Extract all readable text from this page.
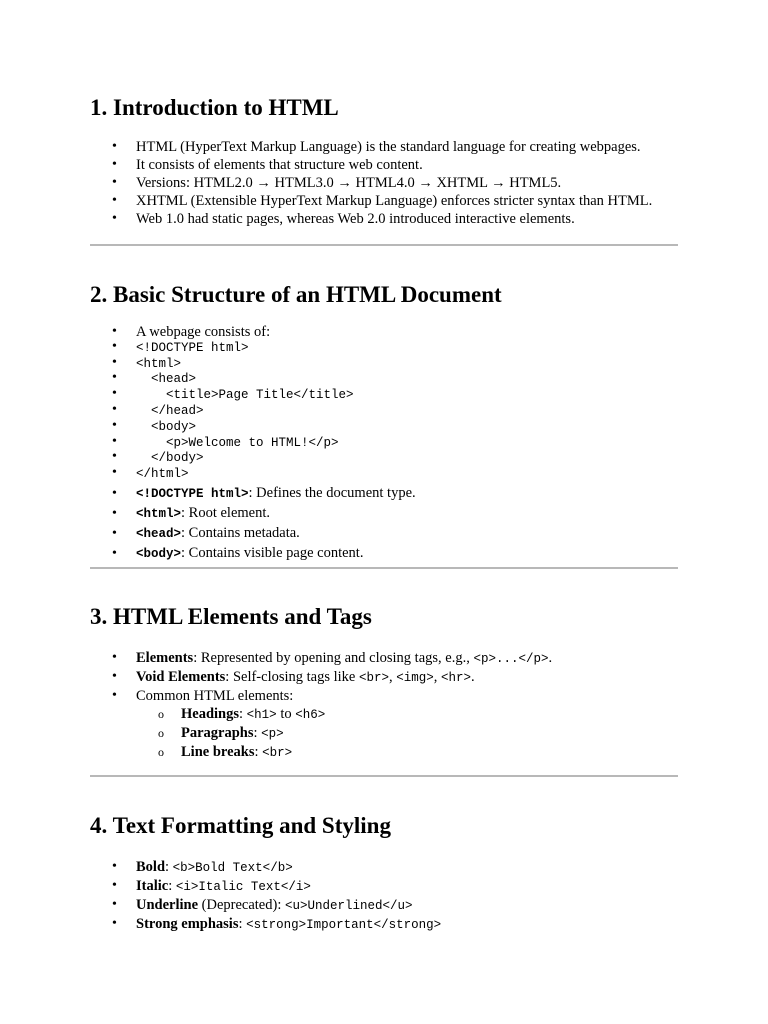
1. Introduction to HTML
• HTML (HyperText Markup Language) is the standard language for creating webpages.
• It consists of elements that structure web content.
• Versions: HTML2.0 → HTML3.0 → HTML4.0 → XHTML → HTML5.
• XHTML (Extensible HyperText Markup Language) enforces stricter syntax than HTML.
• Web 1.0 had static pages, whereas Web 2.0 introduced interactive elements.
2. Basic Structure of an HTML Document
• A webpage consists of:
• <!DOCTYPE html>
• <html>
•   <head>
•     <title>Page Title</title>
•   </head>
•   <body>
•     <p>Welcome to HTML!</p>
•   </body>
• </html>
• <!DOCTYPE html>: Defines the document type.
• <html>: Root element.
• <head>: Contains metadata.
• <body>: Contains visible page content.
3. HTML Elements and Tags
• Elements: Represented by opening and closing tags, e.g., <p>...</p>.
• Void Elements: Self-closing tags like <br>, <img>, <hr>.
• Common HTML elements:
o Headings: <h1> to <h6>
o Paragraphs: <p>
o Line breaks: <br>
4. Text Formatting and Styling
• Bold: <b>Bold Text</b>
• Italic: <i>Italic Text</i>
• Underline (Deprecated): <u>Underlined</u>
• Strong emphasis: <strong>Important</strong>
